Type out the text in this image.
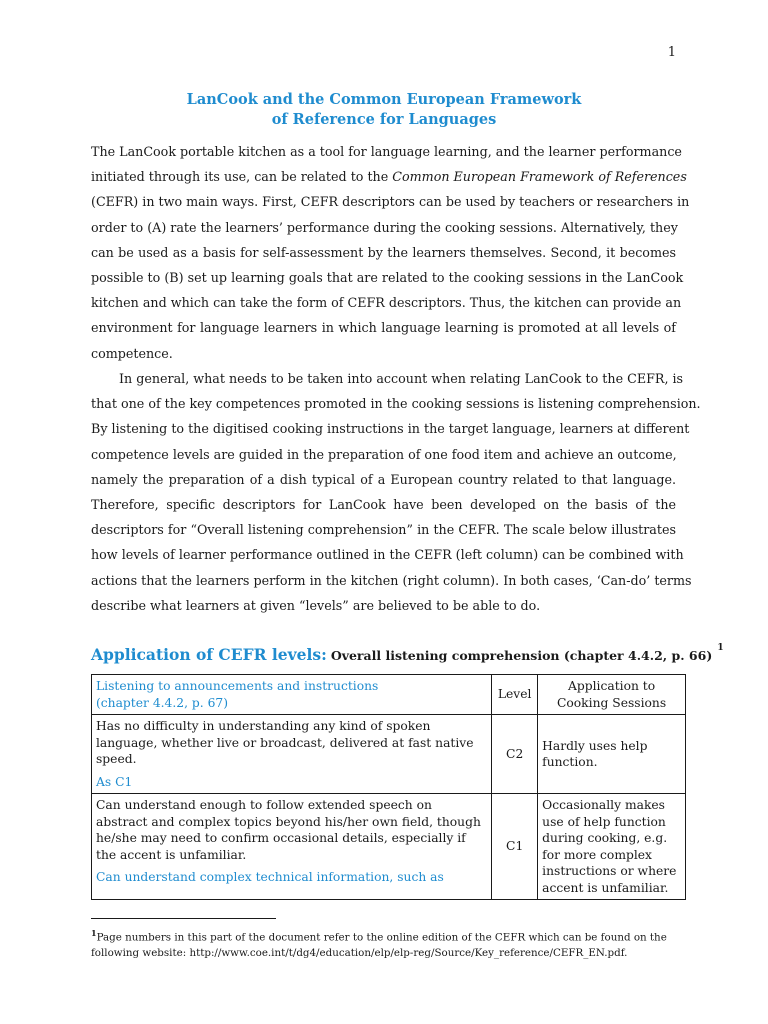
1
LanCook and the Common European Framework
of Reference for Languages
The LanCook portable kitchen as a tool for language learning, and the learner performance
initiated through its use, can be related to the Common European Framework of References
(CEFR) in two main ways. First, CEFR descriptors can be used by teachers or researchers in
order to (A) rate the learners’ performance during the cooking sessions. Alternatively, they
can be used as a basis for self-assessment by the learners themselves. Second, it becomes
possible to (B) set up learning goals that are related to the cooking sessions in the LanCook
kitchen and which can take the form of CEFR descriptors. Thus, the kitchen can provide an
environment for language learners in which language learning is promoted at all levels of
competence.
In general, what needs to be taken into account when relating LanCook to the CEFR, is
that one of the key competences promoted in the cooking sessions is listening comprehension.
By listening to the digitised cooking instructions in the target language, learners at different
competence levels are guided in the preparation of one food item and achieve an outcome,
namely the preparation of a dish typical of a European country related to that language.
Therefore, specific descriptors for LanCook have been developed on the basis of the
descriptors for “Overall listening comprehension” in the CEFR. The scale below illustrates
how levels of learner performance outlined in the CEFR (left column) can be combined with
actions that the learners perform in the kitchen (right column). In both cases, ‘Can-do’ terms
describe what learners at given “levels” are believed to be able to do.
Application of CEFR levels: Overall listening comprehension (chapter 4.4.2, p. 66) $^1$
Listening to announcements and instructions
(chapter 4.4.2, p. 67)	Level	Application to Cooking Sessions

Has no difficulty in understanding any kind of spoken language, whether live or broadcast, delivered at fast native speed.
As C1	C2	Hardly uses help function.

Can understand enough to follow extended speech on abstract and complex topics beyond his/her own field, though he/she may need to confirm occasional details, especially if the accent is unfamiliar.
Can understand complex technical information, such as	C1	Occasionally makes use of help function during cooking, e.g. for more complex instructions or where accent is unfamiliar.
$^1$Page numbers in this part of the document refer to the online edition of the CEFR which can be found on the
following website: http://www.coe.int/t/dg4/education/elp/elp-reg/Source/Key_reference/CEFR_EN.pdf.
